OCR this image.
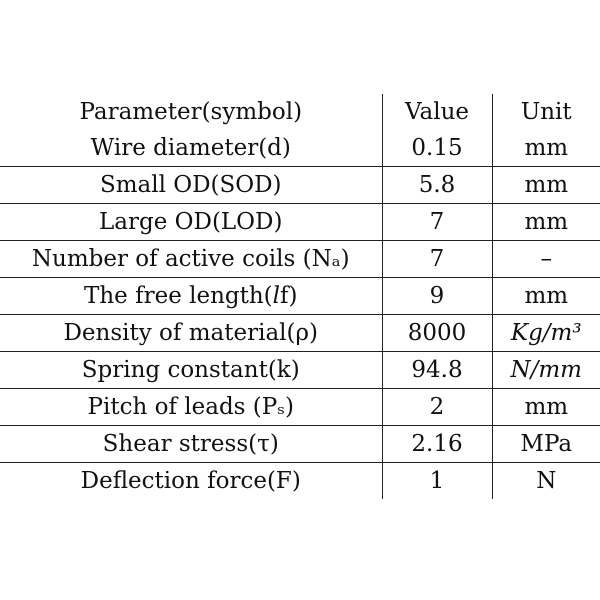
Parameter(symbol)	Value	Unit
Wire diameter(d)	0.15	mm
Small OD(SOD)	5.8	mm
Large OD(LOD)	7	mm
Number of active coils (Nₐ)	7	–
The free length(𝑙f)	9	mm
Density of material(ρ)	8000	Kg/m³
Spring constant(k)	94.8	N/mm
Pitch of leads (Pₛ)	2	mm
Shear stress(τ)	2.16	MPa
Deflection force(F)	1	N
